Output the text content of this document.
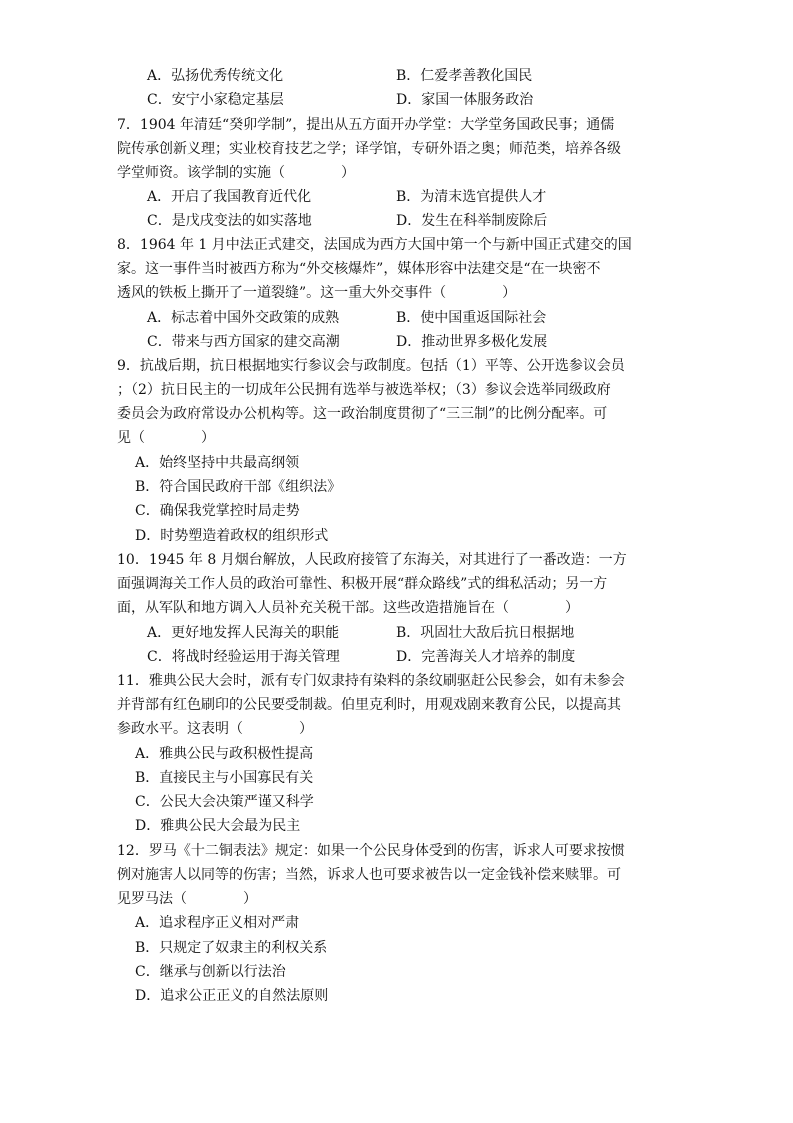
A．弘扬优秀传统文化	B．仁爱孝善教化国民
C．安宁小家稳定基层	D．家国一体服务政治
7．1904 年清廷“癸卯学制”，提出从五方面开办学堂：大学堂务国政民事；通儒
院传承创新义理；实业校育技艺之学；译学馆，专研外语之奥；师范类，培养各级
学堂师资。该学制的实施（　　　　）
A．开启了我国教育近代化	B．为清末选官提供人才
C．是戊戌变法的如实落地	D．发生在科举制废除后
8．1964 年 1 月中法正式建交，法国成为西方大国中第一个与新中国正式建交的国
家。这一事件当时被西方称为“外交核爆炸”，媒体形容中法建交是“在一块密不
透风的铁板上撕开了一道裂缝”。这一重大外交事件（　　　　）
A．标志着中国外交政策的成熟	B．使中国重返国际社会
C．带来与西方国家的建交高潮	D．推动世界多极化发展
9．抗战后期，抗日根据地实行参议会与政制度。包括（1）平等、公开选参议会员
；（2）抗日民主的一切成年公民拥有选举与被选举权；（3）参议会选举同级政府
委员会为政府常设办公机构等。这一政治制度贯彻了“三三制”的比例分配率。可
见（　　　　）
A．始终坚持中共最高纲领
B．符合国民政府干部《组织法》
C．确保我党掌控时局走势
D．时势塑造着政权的组织形式
10．1945 年 8 月烟台解放，人民政府接管了东海关，对其进行了一番改造：一方
面强调海关工作人员的政治可靠性、积极开展“群众路线”式的缉私活动；另一方
面，从军队和地方调入人员补充关税干部。这些改造措施旨在（　　　　）
A．更好地发挥人民海关的职能	B．巩固壮大敌后抗日根据地
C．将战时经验运用于海关管理	D．完善海关人才培养的制度
11．雅典公民大会时，派有专门奴隶持有染料的条纹刷驱赶公民参会，如有未参会
并背部有红色刷印的公民要受制裁。伯里克利时，用观戏剧来教育公民，以提高其
参政水平。这表明（　　　　）
A．雅典公民与政积极性提高
B．直接民主与小国寡民有关
C．公民大会决策严谨又科学
D．雅典公民大会最为民主
12．罗马《十二铜表法》规定：如果一个公民身体受到的伤害，诉求人可要求按惯
例对施害人以同等的伤害；当然，诉求人也可要求被告以一定金钱补偿来赎罪。可
见罗马法（　　　　）
A．追求程序正义相对严肃
B．只规定了奴隶主的利权关系
C．继承与创新以行法治
D．追求公正正义的自然法原则
